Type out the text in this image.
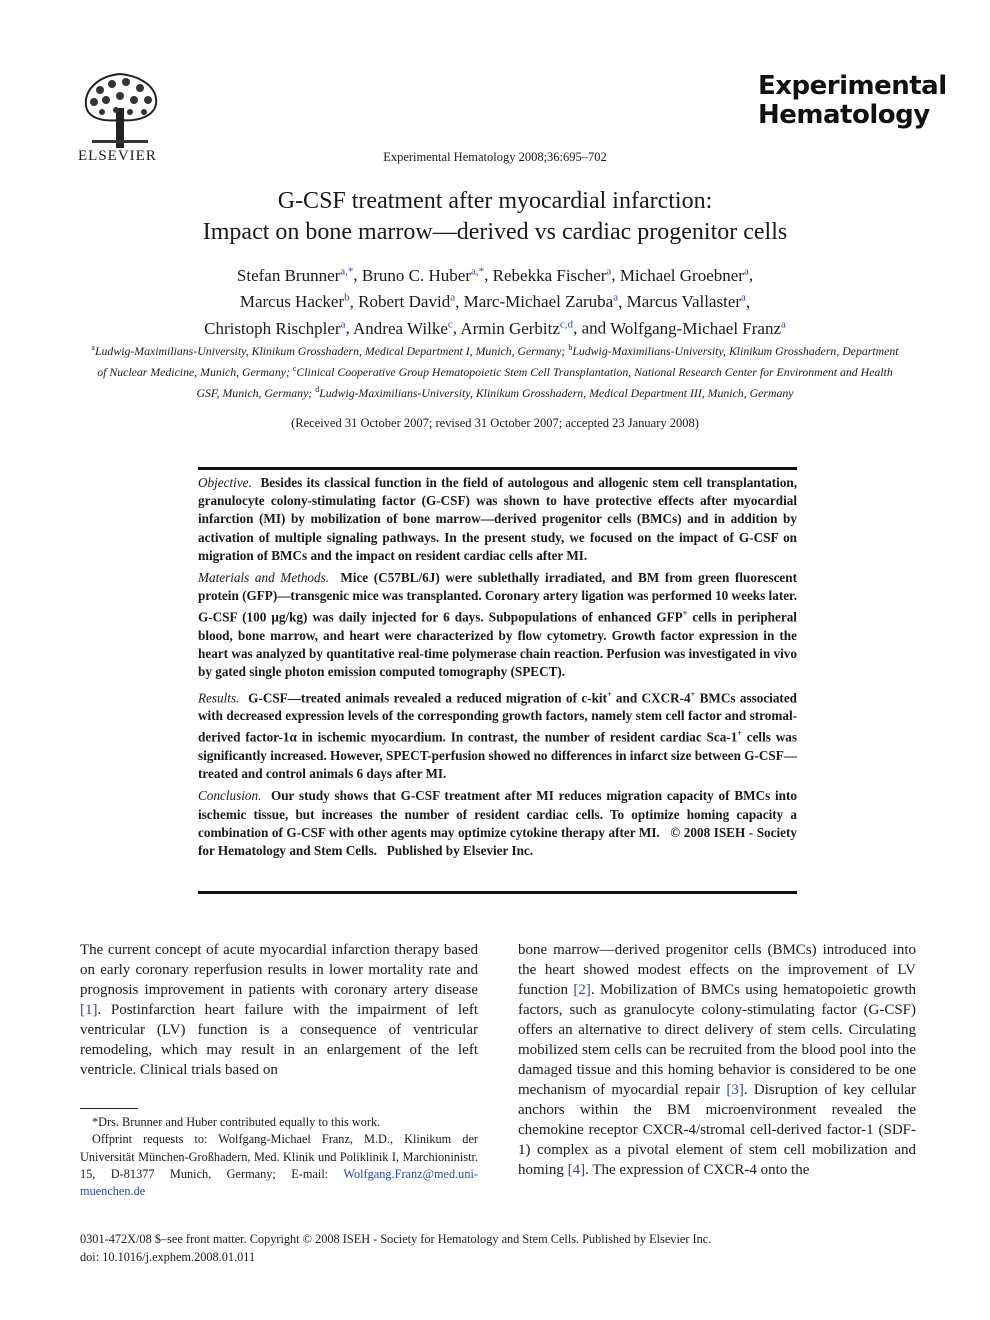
ELSEVIER
Experimental
Hematology
Experimental Hematology 2008;36:695–702
G-CSF treatment after myocardial infarction:
Impact on bone marrow—derived vs cardiac progenitor cells
Stefan Brunner$^{a,*}$, Bruno C. Huber$^{a,*}$, Rebekka Fischer$^a$, Michael Groebner$^a$,
Marcus Hacker$^b$, Robert David$^a$, Marc-Michael Zaruba$^a$, Marcus Vallaster$^a$,
Christoph Rischpler$^a$, Andrea Wilke$^c$, Armin Gerbitz$^{c,d}$, and Wolfgang-Michael Franz$^a$
$^a$Ludwig-Maximilians-University, Klinikum Grosshadern, Medical Department I, Munich, Germany; $^b$Ludwig-Maximilians-University, Klinikum Grosshadern, Department of Nuclear Medicine, Munich, Germany; $^c$Clinical Cooperative Group Hematopoietic Stem Cell Transplantation, National Research Center for Environment and Health GSF, Munich, Germany; $^d$Ludwig-Maximilians-University, Klinikum Grosshadern, Medical Department III, Munich, Germany
(Received 31 October 2007; revised 31 October 2007; accepted 23 January 2008)

Objective. Besides its classical function in the field of autologous and allogenic stem cell transplantation, granulocyte colony-stimulating factor (G-CSF) was shown to have protective effects after myocardial infarction (MI) by mobilization of bone marrow—derived progenitor cells (BMCs) and in addition by activation of multiple signaling pathways. In the present study, we focused on the impact of G-CSF on migration of BMCs and the impact on resident cardiac cells after MI.

Materials and Methods. Mice (C57BL/6J) were sublethally irradiated, and BM from green fluorescent protein (GFP)—transgenic mice was transplanted. Coronary artery ligation was performed 10 weeks later. G-CSF (100 μg/kg) was daily injected for 6 days. Subpopulations of enhanced GFP+ cells in peripheral blood, bone marrow, and heart were characterized by flow cytometry. Growth factor expression in the heart was analyzed by quantitative real-time polymerase chain reaction. Perfusion was investigated in vivo by gated single photon emission computed tomography (SPECT).

Results. G-CSF—treated animals revealed a reduced migration of c-kit+ and CXCR-4+ BMCs associated with decreased expression levels of the corresponding growth factors, namely stem cell factor and stromal-derived factor-1α in ischemic myocardium. In contrast, the number of resident cardiac Sca-1+ cells was significantly increased. However, SPECT-perfusion showed no differences in infarct size between G-CSF—treated and control animals 6 days after MI.

Conclusion. Our study shows that G-CSF treatment after MI reduces migration capacity of BMCs into ischemic tissue, but increases the number of resident cardiac cells. To optimize homing capacity a combination of G-CSF with other agents may optimize cytokine therapy after MI. © 2008 ISEH - Society for Hematology and Stem Cells. Published by Elsevier Inc.

The current concept of acute myocardial infarction therapy based on early coronary reperfusion results in lower mortality rate and prognosis improvement in patients with coronary artery disease [1]. Postinfarction heart failure with the impairment of left ventricular (LV) function is a consequence of ventricular remodeling, which may result in an enlargement of the left ventricle. Clinical trials based on

bone marrow—derived progenitor cells (BMCs) introduced into the heart showed modest effects on the improvement of LV function [2]. Mobilization of BMCs using hematopoietic growth factors, such as granulocyte colony-stimulating factor (G-CSF) offers an alternative to direct delivery of stem cells. Circulating mobilized stem cells can be recruited from the blood pool into the damaged tissue and this homing behavior is considered to be one mechanism of myocardial repair [3]. Disruption of key cellular anchors within the BM microenvironment revealed the chemokine receptor CXCR-4/stromal cell-derived factor-1 (SDF-1) complex as a pivotal element of stem cell mobilization and homing [4]. The expression of CXCR-4 onto the

*Drs. Brunner and Huber contributed equally to this work.

Offprint requests to: Wolfgang-Michael Franz, M.D., Klinikum der Universität München-Großhadern, Med. Klinik und Poliklinik I, Marchioninistr. 15, D-81377 Munich, Germany; E-mail: Wolfgang.Franz@med.uni-muenchen.de

0301-472X/08 $–see front matter. Copyright © 2008 ISEH - Society for Hematology and Stem Cells. Published by Elsevier Inc.
doi: 10.1016/j.exphem.2008.01.011
